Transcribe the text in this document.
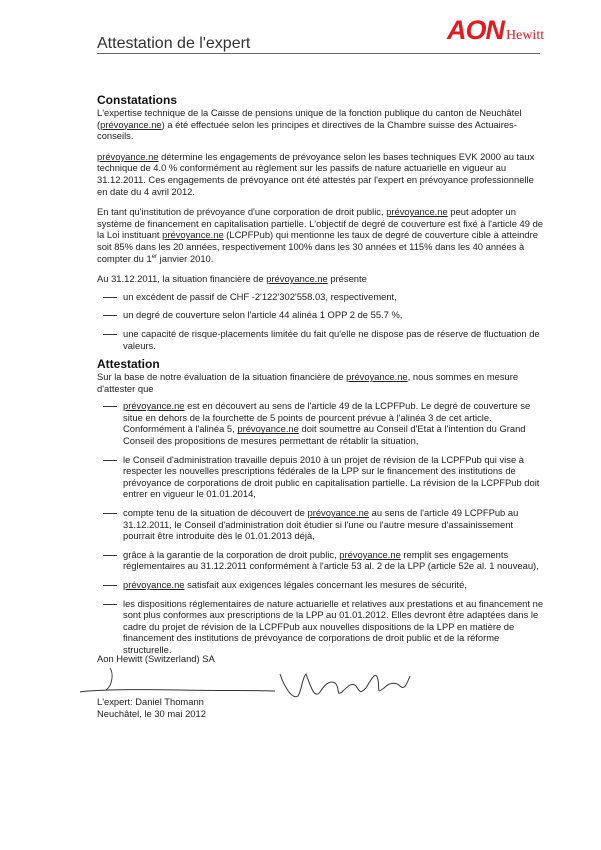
Attestation de l'expert	AON Hewitt
Constatations

L'expertise technique de la Caisse de pensions unique de la fonction publique du canton de Neuchâtel (prévoyance.ne) a été effectuée selon les principes et directives de la Chambre suisse des Actuaires-conseils.

prévoyance.ne détermine les engagements de prévoyance selon les bases techniques EVK 2000 au taux technique de 4.0 % conformément au règlement sur les passifs de nature actuarielle en vigueur au 31.12.2011. Ces engagements de prévoyance ont été attestés par l'expert en prévoyance professionnelle en date du 4 avril 2012.

En tant qu'institution de prévoyance d'une corporation de droit public, prévoyance.ne peut adopter un système de financement en capitalisation partielle. L'objectif de degré de couverture est fixé à l'article 49 de la Loi instituant prévoyance.ne (LCPFPub) qui mentionne les taux de degré de couverture cible à atteindre soit 85% dans les 20 années, respectivement 100% dans les 30 années et 115% dans les 40 années à compter du 1er janvier 2010.

Au 31.12.2011, la situation financière de prévoyance.ne présente

un excédent de passif de CHF -2'122'302'558.03, respectivement,
un degré de couverture selon l'article 44 alinéa 1 OPP 2 de 55.7 %,
une capacité de risque-placements limitée du fait qu'elle ne dispose pas de réserve de fluctuation de valeurs.
Attestation

Sur la base de notre évaluation de la situation financière de prévoyance.ne, nous sommes en mesure d'attester que

prévoyance.ne est en découvert au sens de l'article 49 de la LCPFPub. Le degré de couverture se situe en dehors de la fourchette de 5 points de pourcent prévue à l'alinéa 3 de cet article. Conformément à l'alinéa 5, prévoyance.ne doit soumettre au Conseil d'Etat à l'intention du Grand Conseil des propositions de mesures permettant de rétablir la situation,
le Conseil d'administration travaille depuis 2010 à un projet de révision de la LCPFPub qui vise à respecter les nouvelles prescriptions fédérales de la LPP sur le financement des institutions de prévoyance de corporations de droit public en capitalisation partielle. La révision de la LCPFPub doit entrer en vigueur le 01.01.2014,
compte tenu de la situation de découvert de prévoyance.ne au sens de l'article 49 LCPFPub au 31.12.2011, le Conseil d'administration doit étudier si l'une ou l'autre mesure d'assainissement pourrait être introduite dès le 01.01.2013 déjà,
grâce à la garantie de la corporation de droit public, prévoyance.ne remplit ses engagements réglementaires au 31.12.2011 conformément à l'article 53 al. 2 de la LPP (article 52e al. 1 nouveau),
prévoyance.ne satisfait aux exigences légales concernant les mesures de sécurité,
les dispositions réglementaires de nature actuarielle et relatives aux prestations et au financement ne sont plus conformes aux prescriptions de la LPP au 01.01.2012. Elles devront être adaptées dans le cadre du projet de révision de la LCPFPub aux nouvelles dispositions de la LPP en matière de financement des institutions de prévoyance de corporations de droit public et de la réforme structurelle.
Aon Hewitt (Switzerland) SA
L'expert: Daniel Thomann
Neuchâtel, le 30 mai 2012
